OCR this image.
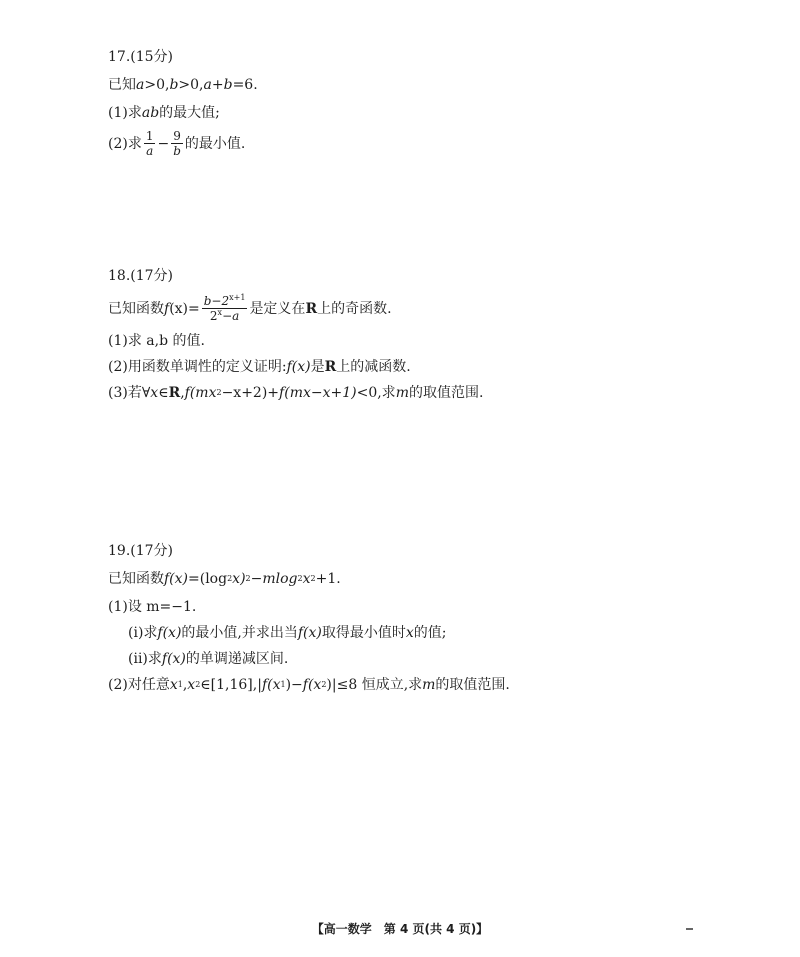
17.(15分)
已知 a >0, b >0, a + b =6.
(1)求 ab 的最大值;
(2)求 $\frac{1}{a} - \frac{9}{b}$ 的最小值.
18.(17分)
已知函数 f $(x) = \frac{b-2^{x+1}}{2^x-a}$ 是定义在 R 上的奇函数.
(1)求 a,b 的值.
(2)用函数单调性的定义证明: f(x) 是 R 上的减函数.
(3)若∀ x ∈ R , f(mx 2 −x+2)+ f(mx−x+1) <0,求 m 的取值范围.
19.(17分)
已知函数 f(x) =(log 2 x) 2 −mlog 2 x 2 +1.
(1)设 m=−1.
(ⅰ)求 f(x) 的最小值,并求出当 f(x) 取得最小值时 x 的值;
(ⅱ)求 f(x) 的单调递减区间.
(2)对任意 x 1 , x 2 ∈[1,16],| f(x 1 )− f(x 2 )|≤8 恒成立,求 m 的取值范围.
【高一数学　第 4 页(共 4 页)】
